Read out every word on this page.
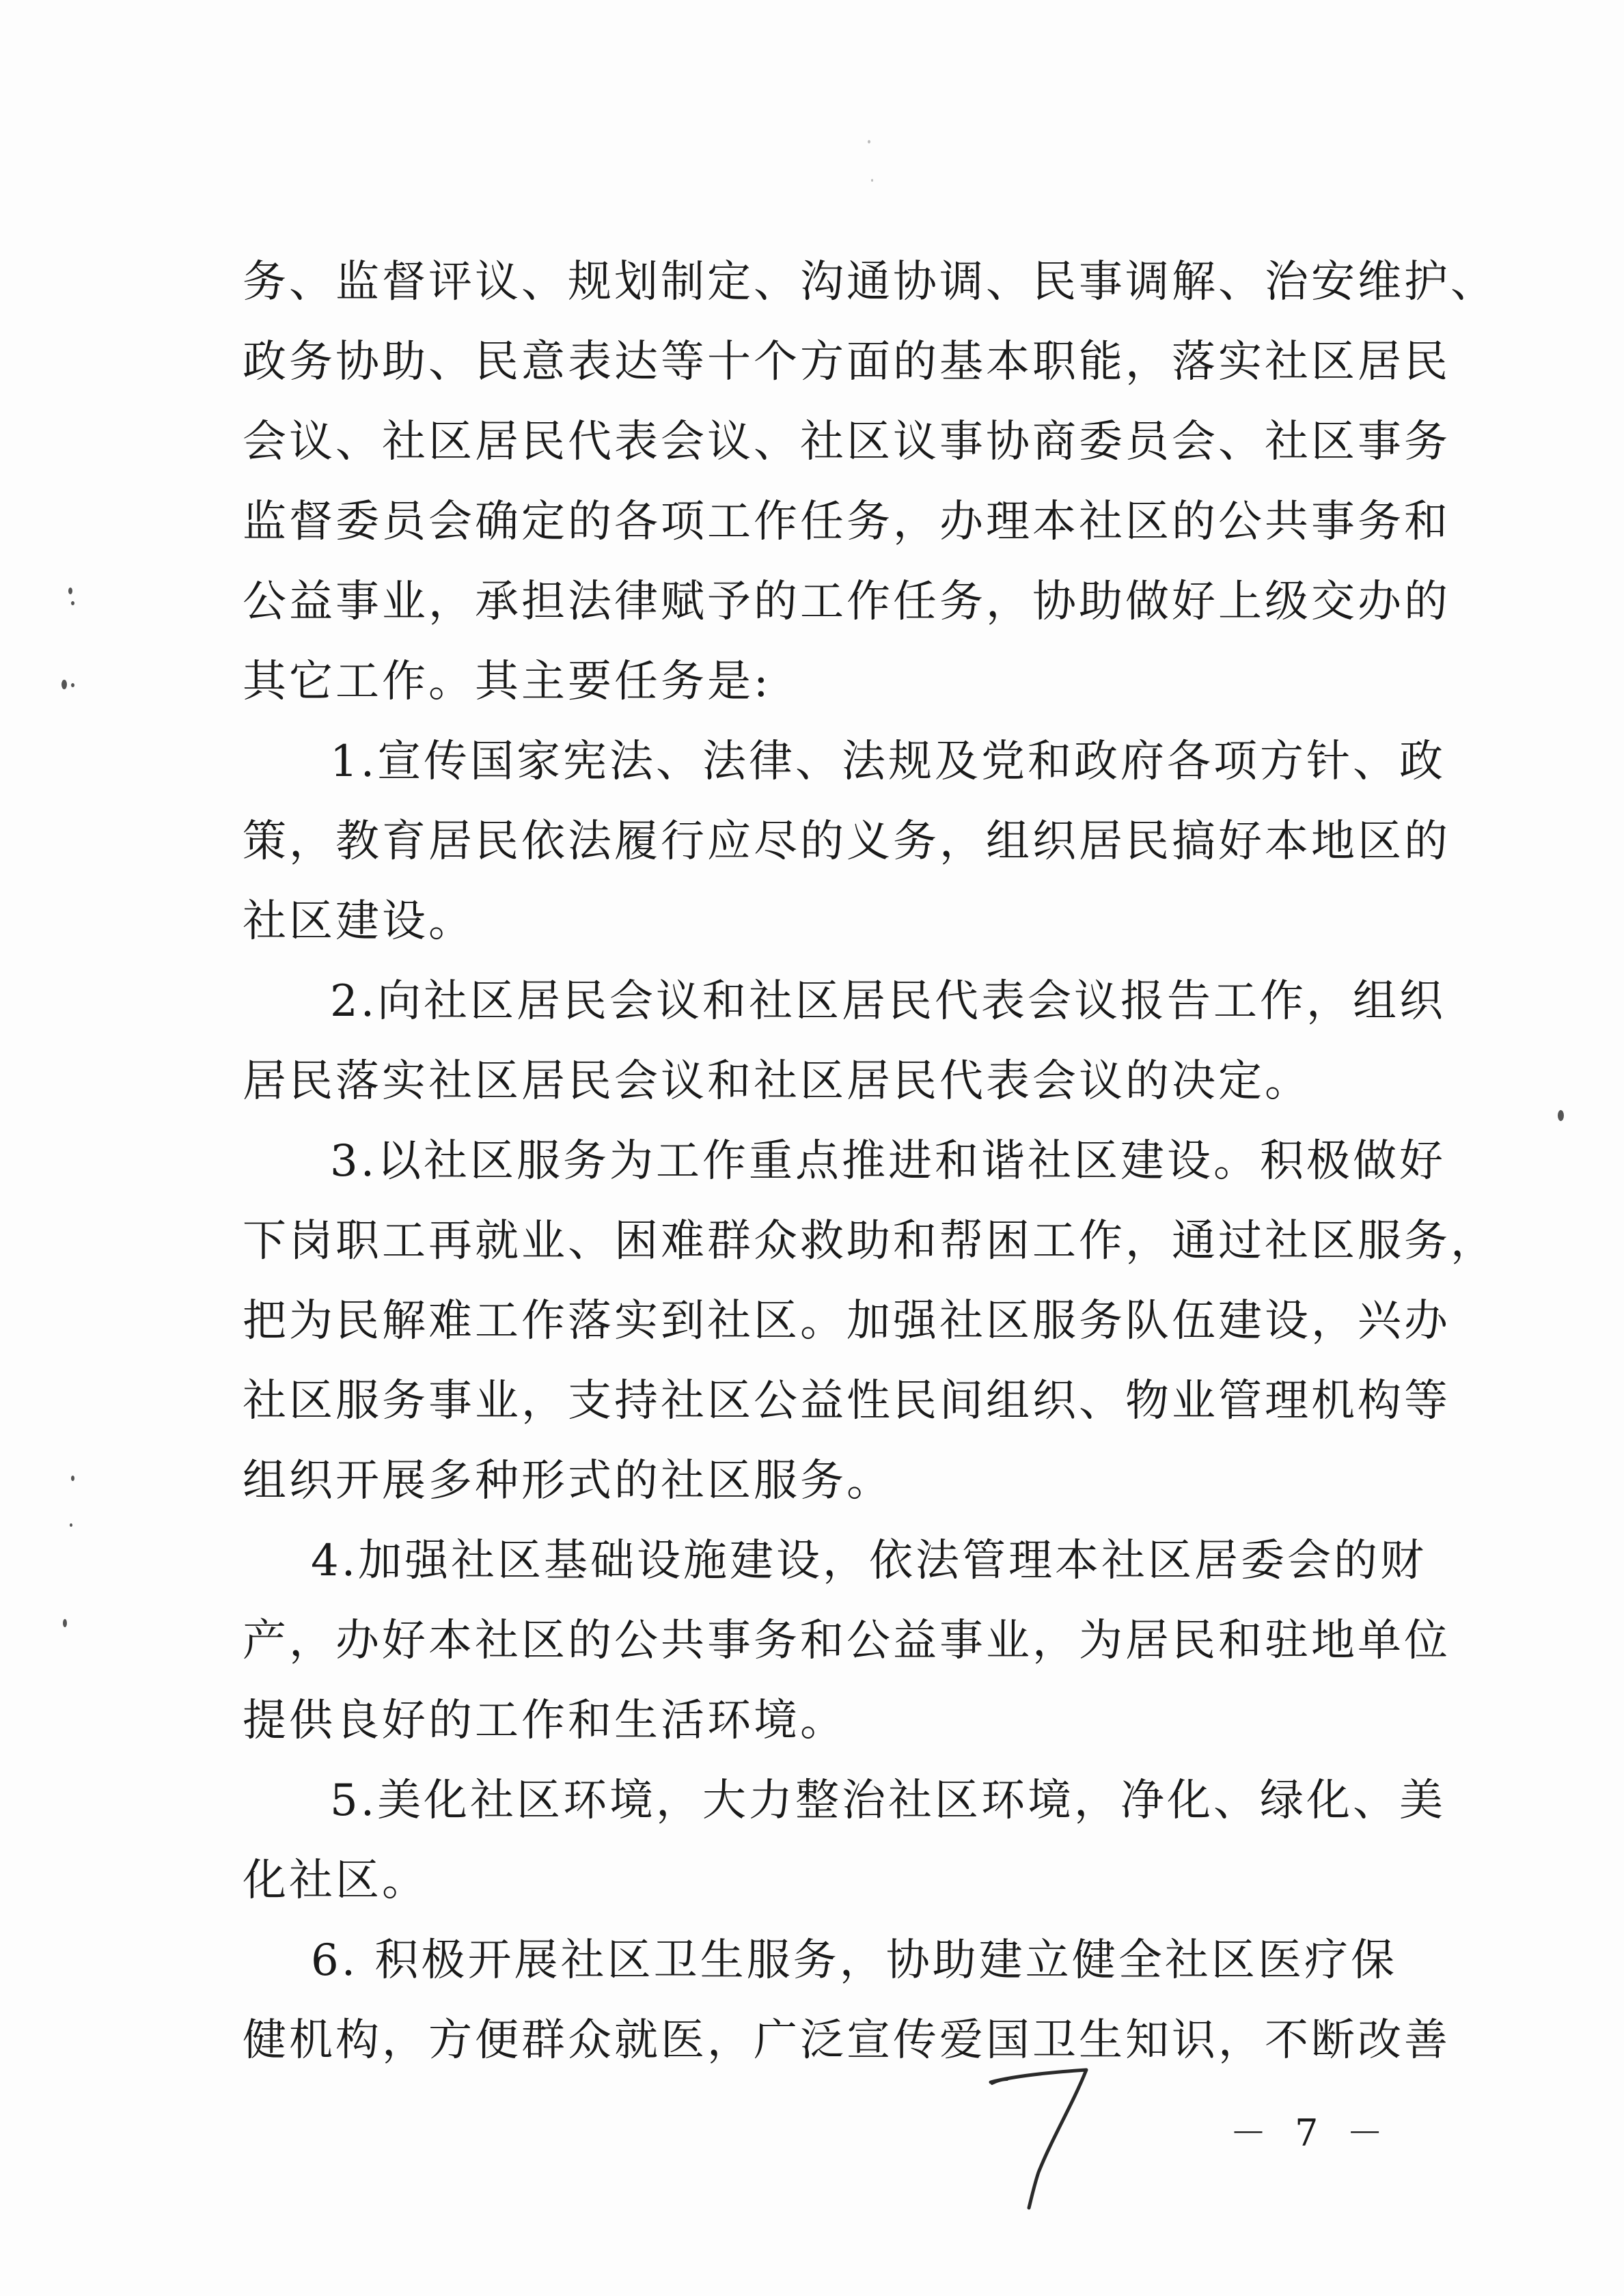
务、监督评议、规划制定、沟通协调、民事调解、治安维护、
政务协助、民意表达等十个方面的基本职能，落实社区居民
会议、社区居民代表会议、社区议事协商委员会、社区事务
监督委员会确定的各项工作任务，办理本社区的公共事务和
公益事业，承担法律赋予的工作任务，协助做好上级交办的
其它工作。其主要任务是:
1.宣传国家宪法、法律、法规及党和政府各项方针、政
策，教育居民依法履行应尽的义务，组织居民搞好本地区的
社区建设。
2.向社区居民会议和社区居民代表会议报告工作，组织
居民落实社区居民会议和社区居民代表会议的决定。
3.以社区服务为工作重点推进和谐社区建设。积极做好
下岗职工再就业、困难群众救助和帮困工作，通过社区服务，
把为民解难工作落实到社区。加强社区服务队伍建设，兴办
社区服务事业，支持社区公益性民间组织、物业管理机构等
组织开展多种形式的社区服务。
4.加强社区基础设施建设，依法管理本社区居委会的财
产，办好本社区的公共事务和公益事业，为居民和驻地单位
提供良好的工作和生活环境。
5.美化社区环境，大力整治社区环境，净化、绿化、美
化社区。
6. 积极开展社区卫生服务，协助建立健全社区医疗保
健机构，方便群众就医，广泛宣传爱国卫生知识，不断改善
－ 7 －
